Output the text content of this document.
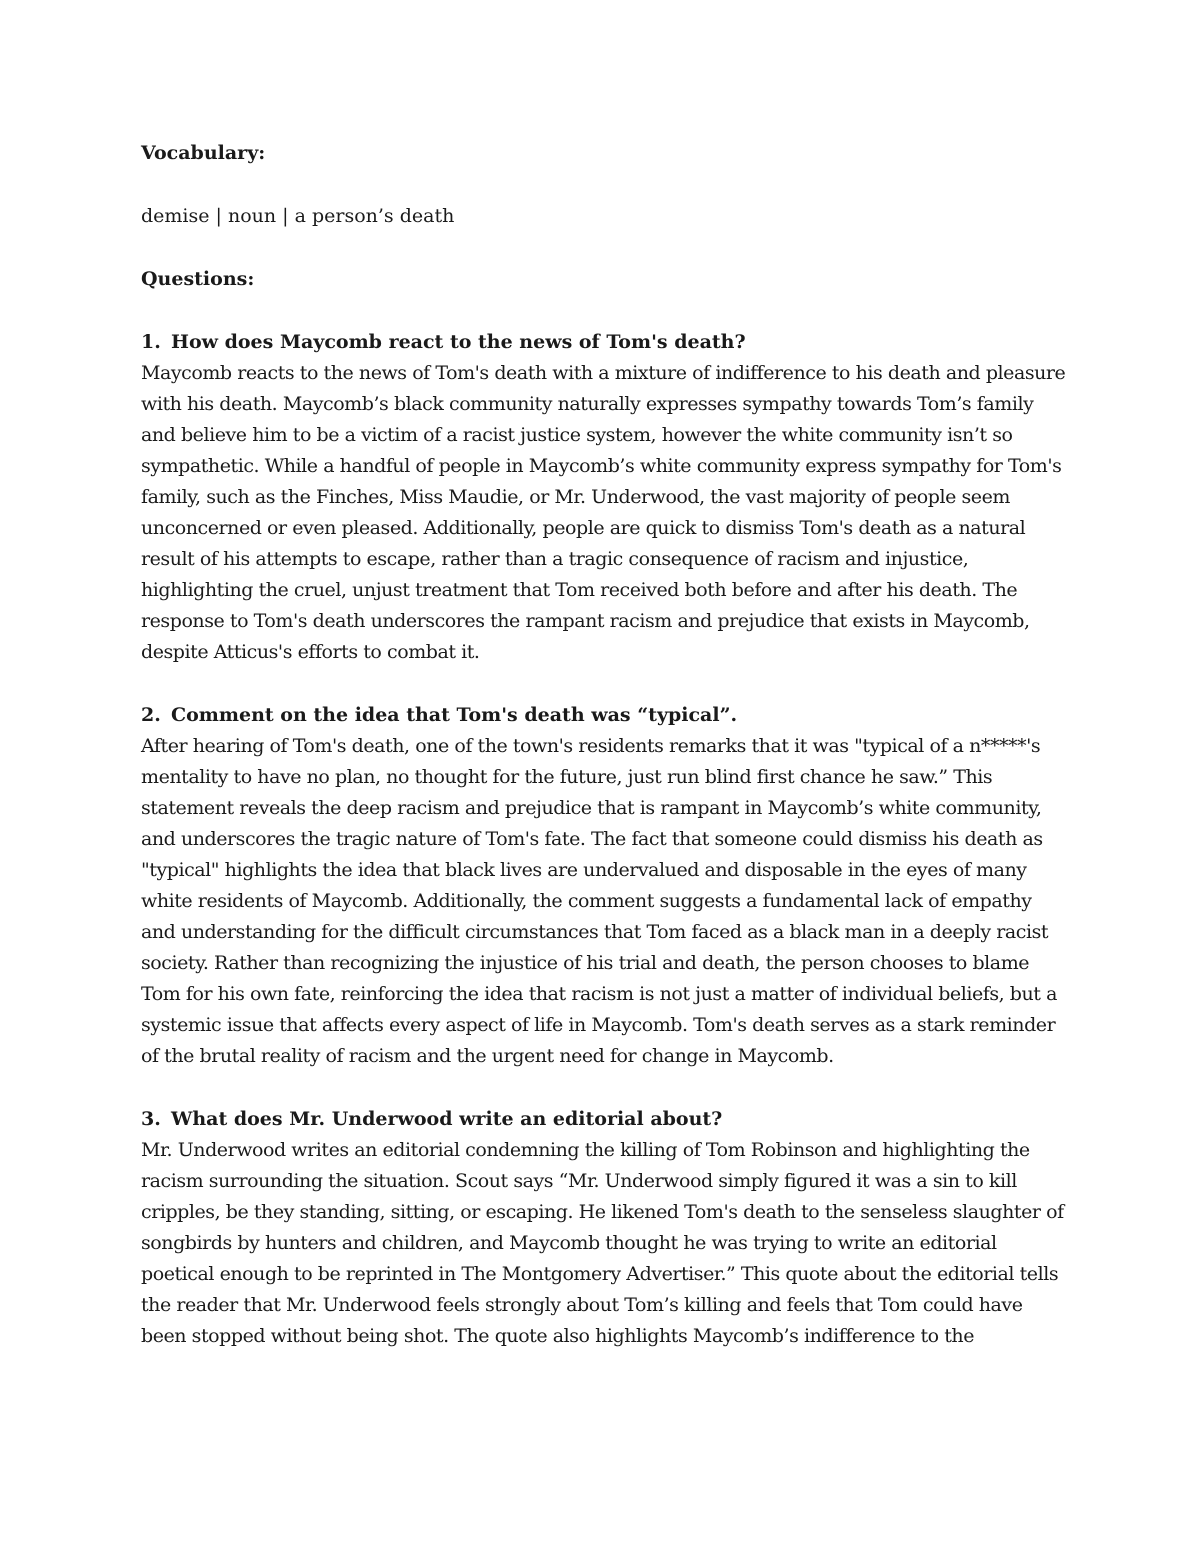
Vocabulary:
demise | noun | a person’s death
Questions:
1. How does Maycomb react to the news of Tom's death?
Maycomb reacts to the news of Tom's death with a mixture of indifference to his death and pleasure with his death. Maycomb’s black community naturally expresses sympathy towards Tom’s family and believe him to be a victim of a racist justice system, however the white community isn’t so sympathetic. While a handful of people in Maycomb’s white community express sympathy for Tom's family, such as the Finches, Miss Maudie, or Mr. Underwood, the vast majority of people seem unconcerned or even pleased. Additionally, people are quick to dismiss Tom's death as a natural result of his attempts to escape, rather than a tragic consequence of racism and injustice, highlighting the cruel, unjust treatment that Tom received both before and after his death. The response to Tom's death underscores the rampant racism and prejudice that exists in Maycomb, despite Atticus's efforts to combat it.
2. Comment on the idea that Tom's death was “typical”.
After hearing of Tom's death, one of the town's residents remarks that it was "typical of a n*****'s mentality to have no plan, no thought for the future, just run blind first chance he saw.” This statement reveals the deep racism and prejudice that is rampant in Maycomb’s white community, and underscores the tragic nature of Tom's fate. The fact that someone could dismiss his death as "typical" highlights the idea that black lives are undervalued and disposable in the eyes of many white residents of Maycomb. Additionally, the comment suggests a fundamental lack of empathy and understanding for the difficult circumstances that Tom faced as a black man in a deeply racist society. Rather than recognizing the injustice of his trial and death, the person chooses to blame Tom for his own fate, reinforcing the idea that racism is not just a matter of individual beliefs, but a systemic issue that affects every aspect of life in Maycomb. Tom's death serves as a stark reminder of the brutal reality of racism and the urgent need for change in Maycomb.
3. What does Mr. Underwood write an editorial about?
Mr. Underwood writes an editorial condemning the killing of Tom Robinson and highlighting the racism surrounding the situation. Scout says “Mr. Underwood simply figured it was a sin to kill cripples, be they standing, sitting, or escaping. He likened Tom's death to the senseless slaughter of songbirds by hunters and children, and Maycomb thought he was trying to write an editorial poetical enough to be reprinted in The Montgomery Advertiser.” This quote about the editorial tells the reader that Mr. Underwood feels strongly about Tom’s killing and feels that Tom could have been stopped without being shot. The quote also highlights Maycomb’s indifference to the
